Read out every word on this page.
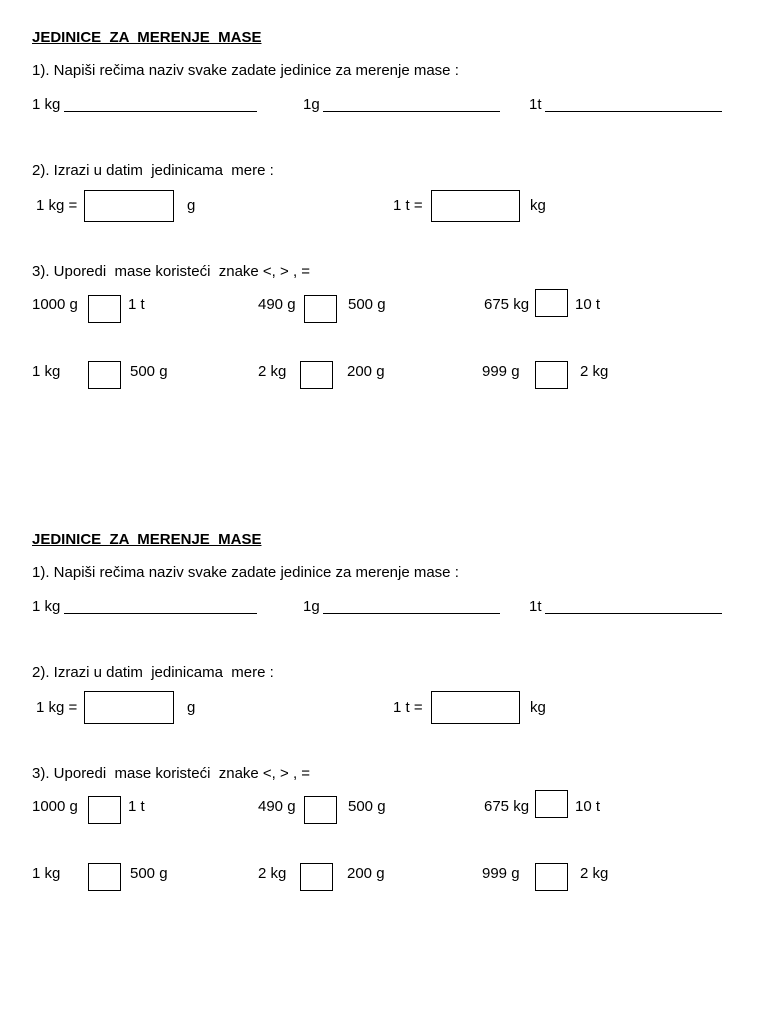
JEDINICE  ZA  MERENJE  MASE
1). Napiši rečima naziv svake zadate jedinice za merenje mase :
1 kg	1g	1t
2). Izrazi u datim  jedinicama  mere :
1 kg =	g	1 t =	kg
3). Uporedi  mase koristeći  znake <, > , =
1000 g	1 t	490 g	500 g	675 kg	10 t
1 kg	500 g	2 kg	200 g	999 g	2 kg
JEDINICE  ZA  MERENJE  MASE
1). Napiši rečima naziv svake zadate jedinice za merenje mase :
1 kg	1g	1t
2). Izrazi u datim  jedinicama  mere :
1 kg =	g	1 t =	kg
3). Uporedi  mase koristeći  znake <, > , =
1000 g	1 t	490 g	500 g	675 kg	10 t
1 kg	500 g	2 kg	200 g	999 g	2 kg
